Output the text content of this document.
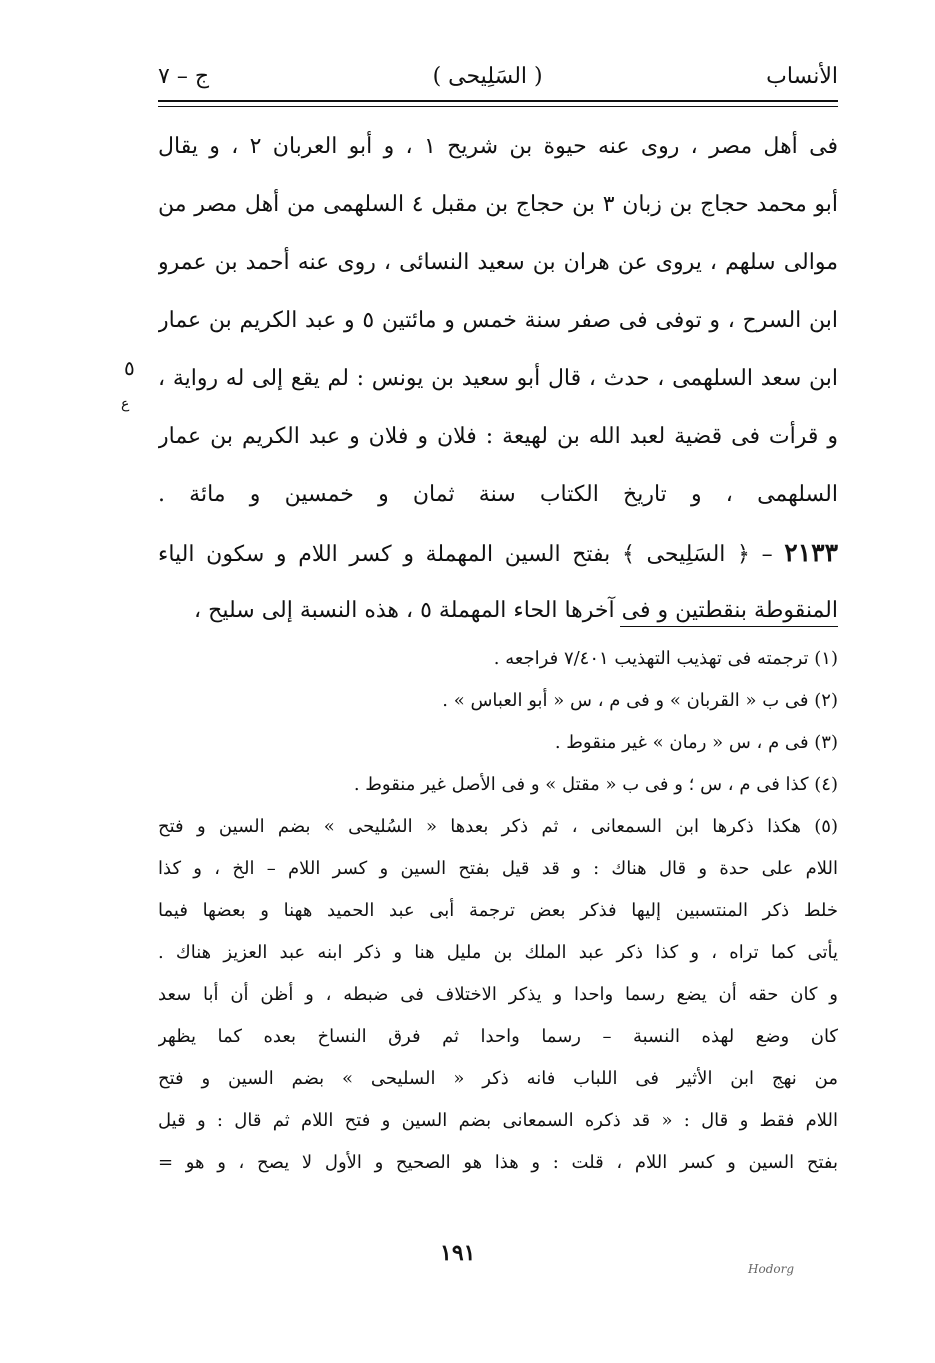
الأنساب
( السَلِيحى )
ج – ٧
فى أهل مصر ، روى عنه حيوة بن شريح ١ ، و أبو العربان ٢ ، و يقال
أبو محمد حجاج بن زبان ٣ بن حجاج بن مقبل ٤ السلهمى من أهل مصر من
موالى سلهم ، يروى عن هران بن سعيد النسائى ، روى عنه أحمد بن عمرو
ابن السرح ، و توفى فى صفر سنة خمس و مائتين ٥ و عبد الكريم بن عمار
ابن سعد السلهمى ، حدث ، قال أبو سعيد بن يونس : لم يقع إلى له رواية ،
و قرأت فى قضية لعبد الله بن لهيعة : فلان و فلان و عبد الكريم بن عمار
السلهمى ، و تاريخ الكتاب سنة ثمان و خمسين و مائة .
٢١٣٣ – ﴿ السَلِيحى ﴾ بفتح السين المهملة و كسر اللام و سكون الياء
المنقوطة بنقطتين و فى آخرها الحاء المهملة ٥ ، هذه النسبة إلى سليح ،
٥
ع
(١) ترجمته فى تهذيب التهذيب ٧/٤٠١ فراجعه .
(٢) فى ب « القربان » و فى م ، س « أبو العباس » .
(٣) فى م ، س « رمان » غير منقوط .
(٤) كذا فى م ، س ؛ و فى ب « مقتل » و فى الأصل غير منقوط .
(٥) هكذا ذكرها ابن السمعانى ، ثم ذكر بعدها « السُليحى » بضم السين و فتح
اللام على حدة و قال هناك : و قد قيل بفتح السين و كسر اللام – الخ ، و كذا
خلط ذكر المنتسبين إليها فذكر بعض ترجمة أبى عبد الحميد ههنا و بعضها فيما
يأتى كما تراه ، و كذا ذكر عبد الملك بن مليل هنا و ذكر ابنه عبد العزيز هناك .
و كان حقه أن يضع رسما واحدا و يذكر الاختلاف فى ضبطه ، و أظن أن أبا سعد
كان وضع لهذه النسبة – رسما واحدا ثم فرق النساخ بعده كما يظهر
من نهج ابن الأثير فى اللباب فانه ذكر « السليحى » بضم السين و فتح
اللام فقط و قال : « قد ذكره السمعانى بضم السين و فتح اللام ثم قال : و قيل
بفتح السين و كسر اللام ، قلت : و هذا هو الصحيح و الأول لا يصح ، و هو =
١٩١
Hodorg
